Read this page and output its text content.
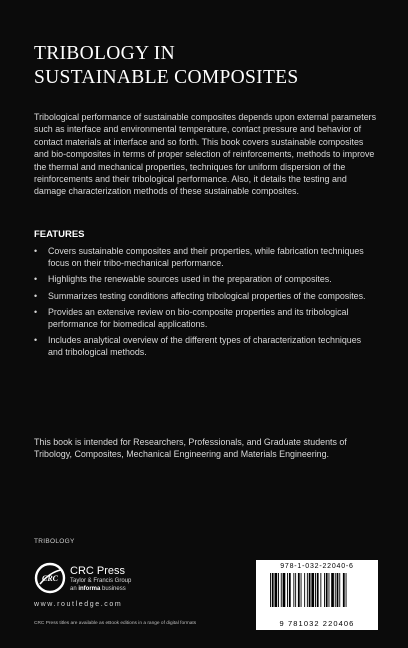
TRIBOLOGY IN
SUSTAINABLE COMPOSITES

Tribological performance of sustainable composites depends upon external parameters such as interface and environmental temperature, contact pressure and behavior of contact materials at interface and so forth. This book covers sustainable composites and bio-composites in terms of proper selection of reinforcements, methods to improve the thermal and mechanical properties, techniques for uniform dispersion of the reinforcements and their tribological performance. Also, it details the testing and damage characterization methods of these sustainable composites.

FEATURES
• Covers sustainable composites and their properties, while fabrication techniques focus on their tribo-mechanical performance.
• Highlights the renewable sources used in the preparation of composites.
• Summarizes testing conditions affecting tribological properties of the composites.
• Provides an extensive review on bio-composite properties and its tribological performance for biomedical applications.
• Includes analytical overview of the different types of characterization techniques and tribological methods.

This book is intended for Researchers, Professionals, and Graduate students of Tribology, Composites, Mechanical Engineering and Materials Engineering.

TRIBOLOGY
CRC
CRC Press
Taylor & Francis Group
an informa business
www.routledge.com
CRC Press titles are available as eBook editions in a range of digital formats
978-1-032-22040-6
9 781032 220406
